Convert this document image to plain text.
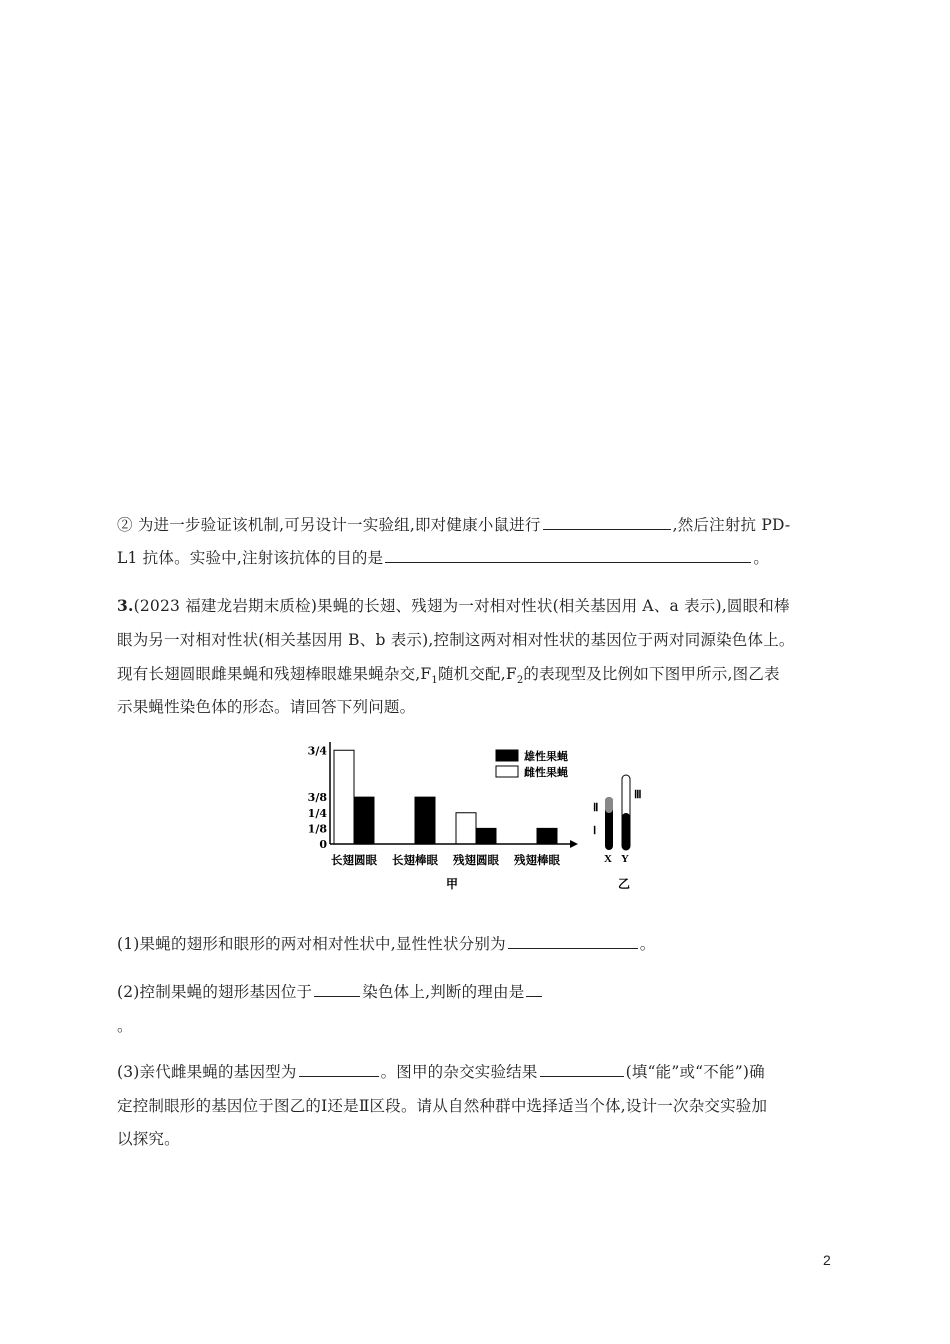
② 为进一步验证该机制,可另设计一实验组,即对健康小鼠进行	,然后注射抗 PD-
L1 抗体。实验中,注射该抗体的目的是	。
3.(2023 福建龙岩期末质检)果蝇的长翅、残翅为一对相对性状(相关基因用 A、a 表示),圆眼和棒
眼为另一对相对性状(相关基因用 B、b 表示),控制这两对相对性状的基因位于两对同源染色体上。
现有长翅圆眼雌果蝇和残翅棒眼雄果蝇杂交$,F_1$随机交配$,F_2$的表现型及比例如下图甲所示,图乙表
示果蝇性染色体的形态。请回答下列问题。
0
1/8
1/4
3/8
3/4
长翅圆眼 长翅棒眼 残翅圆眼 残翅棒眼
雄性果蝇
雌性果蝇
甲
Ⅱ
Ⅰ
Ⅲ
X Y
乙
(1)果蝇的翅形和眼形的两对相对性状中,显性性状分别为	。
(2)控制果蝇的翅形基因位于	染色体上,判断的理由是
。
(3)亲代雌果蝇的基因型为	。图甲的杂交实验结果	(填“能”或“不能”)确
定控制眼形的基因位于图乙的Ⅰ还是Ⅱ区段。请从自然种群中选择适当个体,设计一次杂交实验加
以探究。
2
